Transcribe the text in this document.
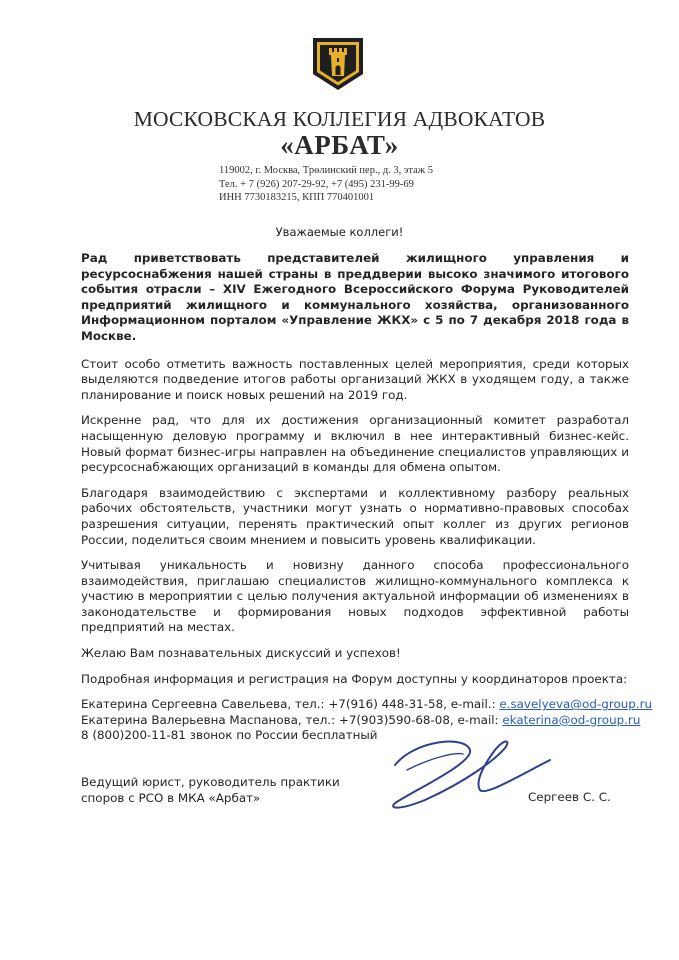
МОСКОВСКАЯ КОЛЛЕГИЯ АДВОКАТОВ
«АРБАТ»
119002, г. Москва, Трөлинский пер., д. 3, этаж 5
Тел. + 7 (926) 207-29-92, +7 (495) 231-99-69
ИНН 7730183215, КПП 770401001
Уважаемые коллеги!

Рад приветствовать представителей жилищного управления и ресурсоснабжения нашей страны в преддверии высоко значимого итогового события отрасли – XIV Ежегодного Всероссийского Форума Руководителей предприятий жилищного и коммунального хозяйства, организованного Информационном порталом «Управление ЖКХ» с 5 по 7 декабря 2018 года в Москве.

Стоит особо отметить важность поставленных целей мероприятия, среди которых выделяются подведение итогов работы организаций ЖКХ в уходящем году, а также планирование и поиск новых решений на 2019 год.

Искренне рад, что для их достижения организационный комитет разработал насыщенную деловую программу и включил в нее интерактивный бизнес-кейс. Новый формат бизнес-игры направлен на объединение специалистов управляющих и ресурсоснабжающих организаций в команды для обмена опытом.

Благодаря взаимодействию с экспертами и коллективному разбору реальных рабочих обстоятельств, участники могут узнать о нормативно-правовых способах разрешения ситуации, перенять практический опыт коллег из других регионов России, поделиться своим мнением и повысить уровень квалификации.

Учитывая уникальность и новизну данного способа профессионального взаимодействия, приглашаю специалистов жилищно-коммунального комплекса к участию в мероприятии с целью получения актуальной информации об изменениях в законодательстве и формирования новых подходов эффективной работы предприятий на местах.

Желаю Вам познавательных дискуссий и успехов!

Подробная информация и регистрация на Форум доступны у координаторов проекта:

Екатерина Сергеевна Савельева, тел.: +7(916) 448-31-58, e-mail.: e.savelyeva@od-group.ru

Екатерина Валерьевна Маспанова, тел.: +7(903)590-68-08, e-mail: ekaterina@od-group.ru

8 (800)200-11-81 звонок по России бесплатный

Ведущий юрист, руководитель практики
споров с РСО в МКА «Арбат»	Сергеев С. С.
